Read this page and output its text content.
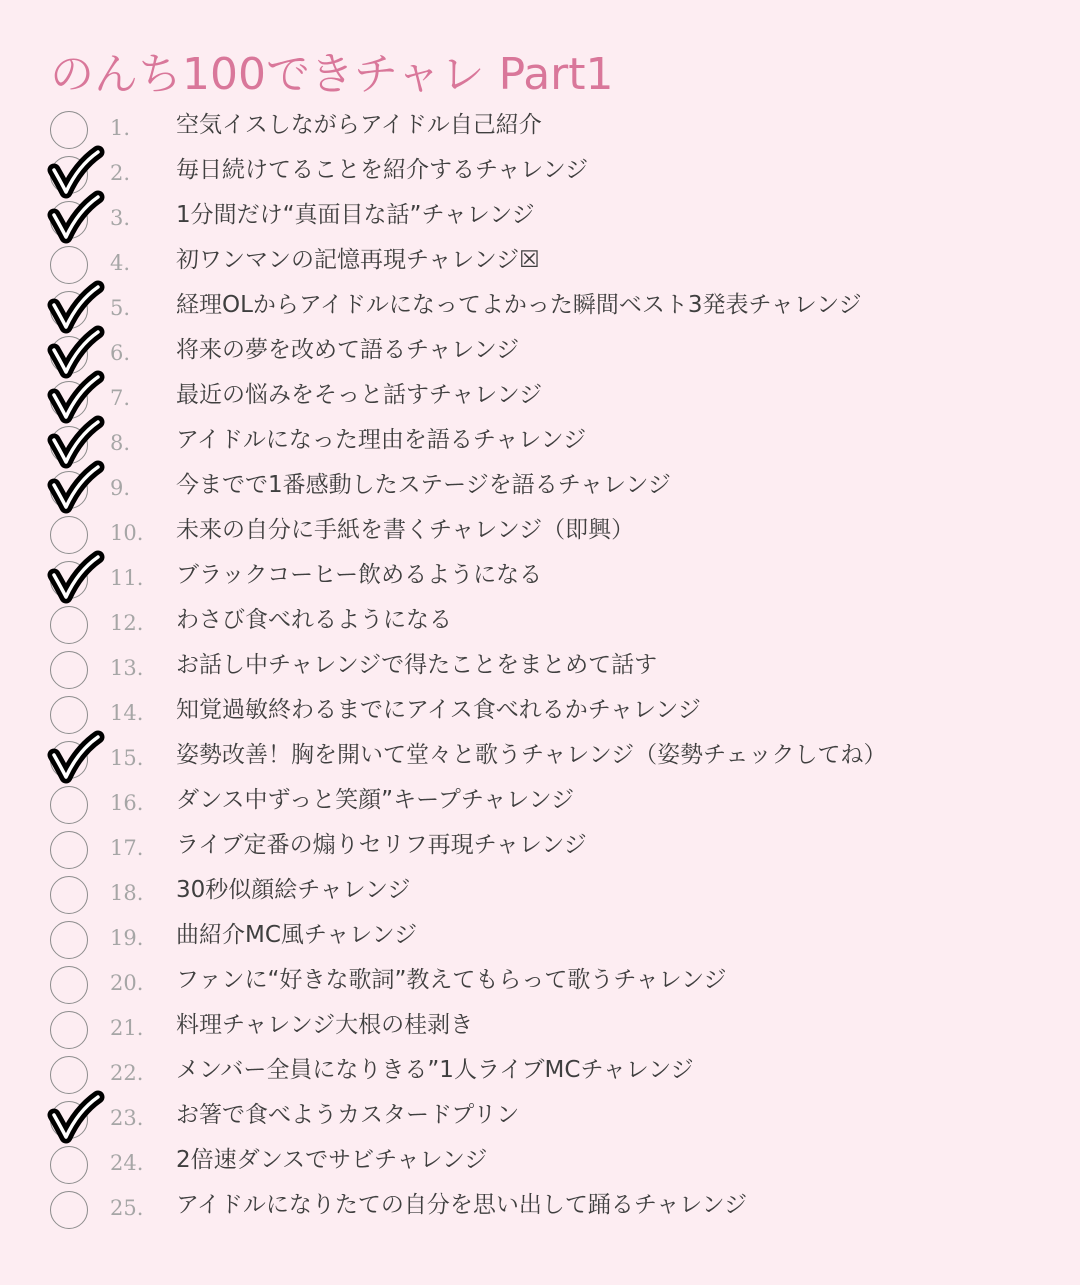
のんち100できチャレ Part1
1. 空気イスしながらアイドル自己紹介
2. 毎日続けてることを紹介するチャレンジ
3. 1分間だけ“真面目な話”チャレンジ
4. 初ワンマンの記憶再現チャレンジ☒
5. 経理OLからアイドルになってよかった瞬間ベスト3発表チャレンジ
6. 将来の夢を改めて語るチャレンジ
7. 最近の悩みをそっと話すチャレンジ
8. アイドルになった理由を語るチャレンジ
9. 今までで1番感動したステージを語るチャレンジ
10. 未来の自分に手紙を書くチャレンジ（即興）
11. ブラックコーヒー飲めるようになる
12. わさび食べれるようになる
13. お話し中チャレンジで得たことをまとめて話す
14. 知覚過敏終わるまでにアイス食べれるかチャレンジ
15. 姿勢改善！胸を開いて堂々と歌うチャレンジ（姿勢チェックしてね）
16. ダンス中ずっと笑顔”キープチャレンジ
17. ライブ定番の煽りセリフ再現チャレンジ
18. 30秒似顔絵チャレンジ
19. 曲紹介MC風チャレンジ
20. ファンに“好きな歌詞”教えてもらって歌うチャレンジ
21. 料理チャレンジ大根の桂剥き
22. メンバー全員になりきる”1人ライブMCチャレンジ
23. お箸で食べようカスタードプリン
24. 2倍速ダンスでサビチャレンジ
25. アイドルになりたての自分を思い出して踊るチャレンジ
